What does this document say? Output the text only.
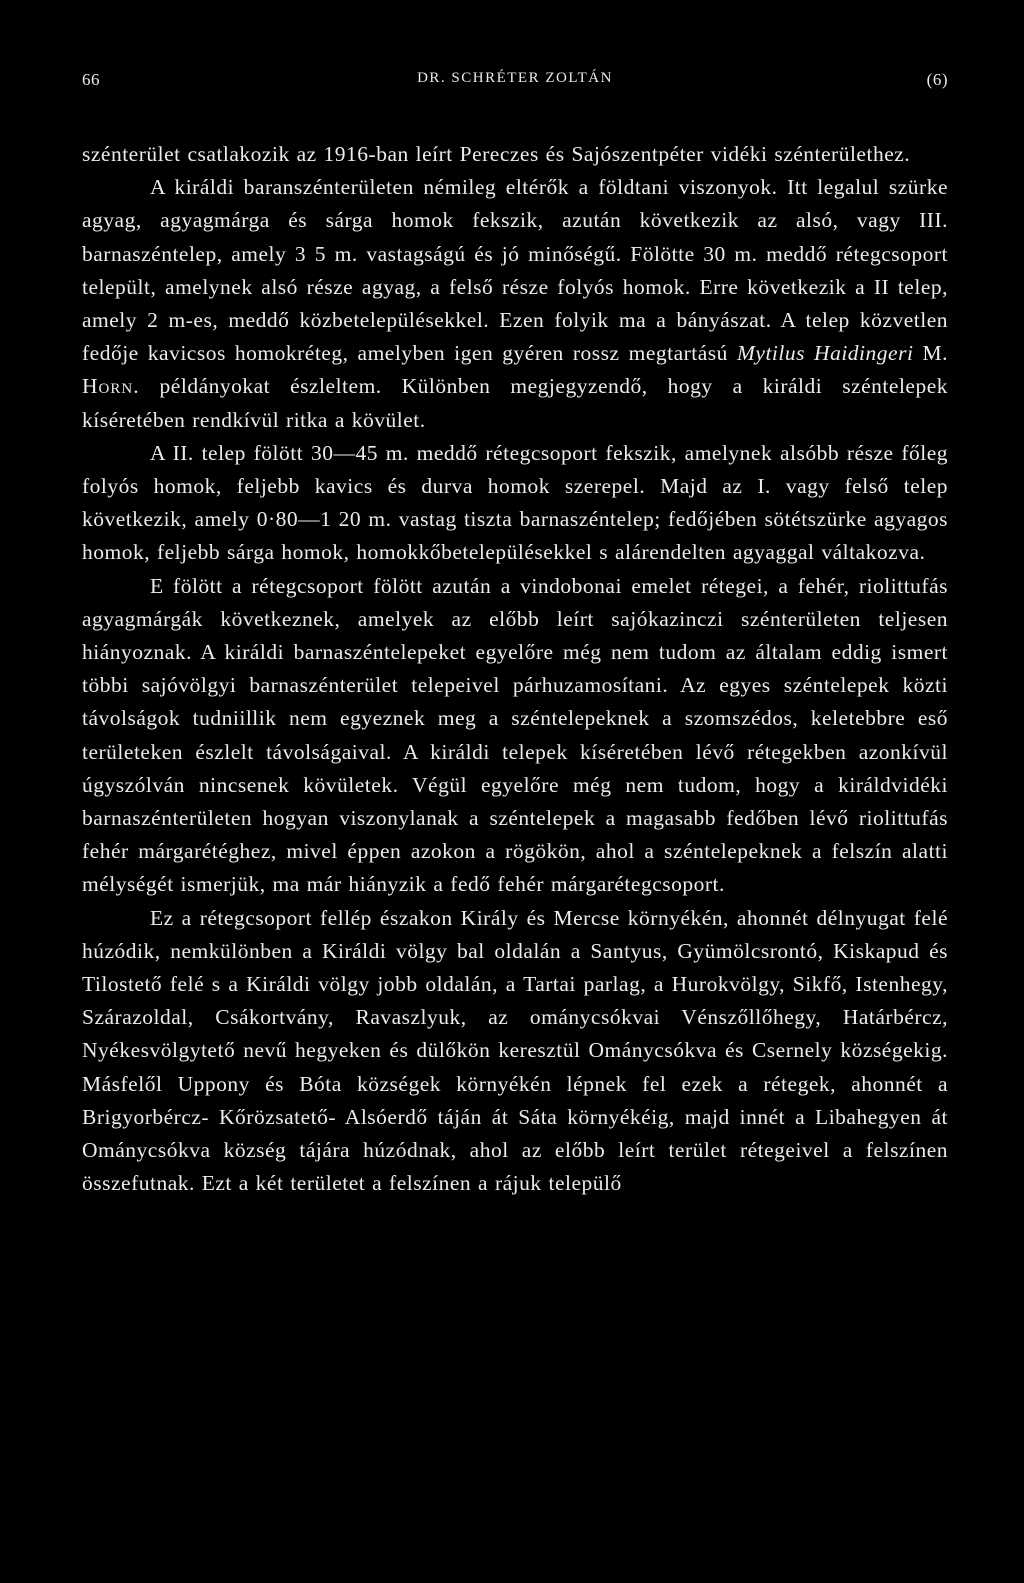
66	DR. SCHRÉTER ZOLTÁN	(6)

szénterület csatlakozik az 1916-ban leírt Pereczes és Sajószentpéter vidéki szénterülethez.

A királdi baranszénterületen némileg eltérők a földtani viszonyok. Itt legalul szürke agyag, agyagmárga és sárga homok fekszik, azután következik az alsó, vagy III. barnaszéntelep, amely 3 5 m. vastagságú és jó minőségű. Fölötte 30 m. meddő rétegcsoport települt, amelynek alsó része agyag, a felső része folyós homok. Erre következik a II telep, amely 2 m-es, meddő közbetelepülésekkel. Ezen folyik ma a bányászat. A telep közvetlen fedője kavicsos homokréteg, amelyben igen gyéren rossz megtartású Mytilus Haidingeri M. Horn. példányokat észleltem. Különben megjegyzendő, hogy a királdi széntelepek kíséretében rendkívül ritka a kövület.

A II. telep fölött 30—45 m. meddő rétegcsoport fekszik, amelynek alsóbb része főleg folyós homok, feljebb kavics és durva homok szerepel. Majd az I. vagy felső telep következik, amely 0·80—1 20 m. vastag tiszta barnaszéntelep; fedőjében sötétszürke agyagos homok, feljebb sárga homok, homokkőbetelepülésekkel s alárendelten agyaggal váltakozva.

E fölött a rétegcsoport fölött azután a vindobonai emelet rétegei, a fehér, riolittufás agyagmárgák következnek, amelyek az előbb leírt sajókazinczi szénterületen teljesen hiányoznak. A királdi barnaszéntelepeket egyelőre még nem tudom az általam eddig ismert többi sajóvölgyi barnaszénterület telepeivel párhuzamosítani. Az egyes széntelepek közti távolságok tudniillik nem egyeznek meg a széntelepeknek a szomszédos, keletebbre eső területeken észlelt távolságaival. A királdi telepek kíséretében lévő rétegekben azonkívül úgyszólván nincsenek kövületek. Végül egyelőre még nem tudom, hogy a királdvidéki barnaszénterületen hogyan viszonylanak a széntelepek a magasabb fedőben lévő riolittufás fehér márgarétéghez, mivel éppen azokon a rögökön, ahol a széntelepeknek a felszín alatti mélységét ismerjük, ma már hiányzik a fedő fehér márgarétegcsoport.

Ez a rétegcsoport fellép északon Király és Mercse környékén, ahonnét délnyugat felé húzódik, nemkülönben a Királdi völgy bal oldalán a Santyus, Gyümölcsrontó, Kiskapud és Tilostető felé s a Királdi völgy jobb oldalán, a Tartai parlag, a Hurokvölgy, Sikfő, Istenhegy, Szárazoldal, Csákortvány, Ravaszlyuk, az ománycsókvai Vénszőllőhegy, Határbércz, Nyékesvölgytető nevű hegyeken és dülőkön keresztül Ománycsókva és Csernely községekig. Másfelől Uppony és Bóta községek környékén lépnek fel ezek a rétegek, ahonnét a Brigyorbércz- Kőrözsatető- Alsóerdő táján át Sáta környékéig, majd innét a Libahegyen át Ománycsókva község tájára húzódnak, ahol az előbb leírt terület rétegeivel a felszínen összefutnak. Ezt a két területet a felszínen a rájuk települő
